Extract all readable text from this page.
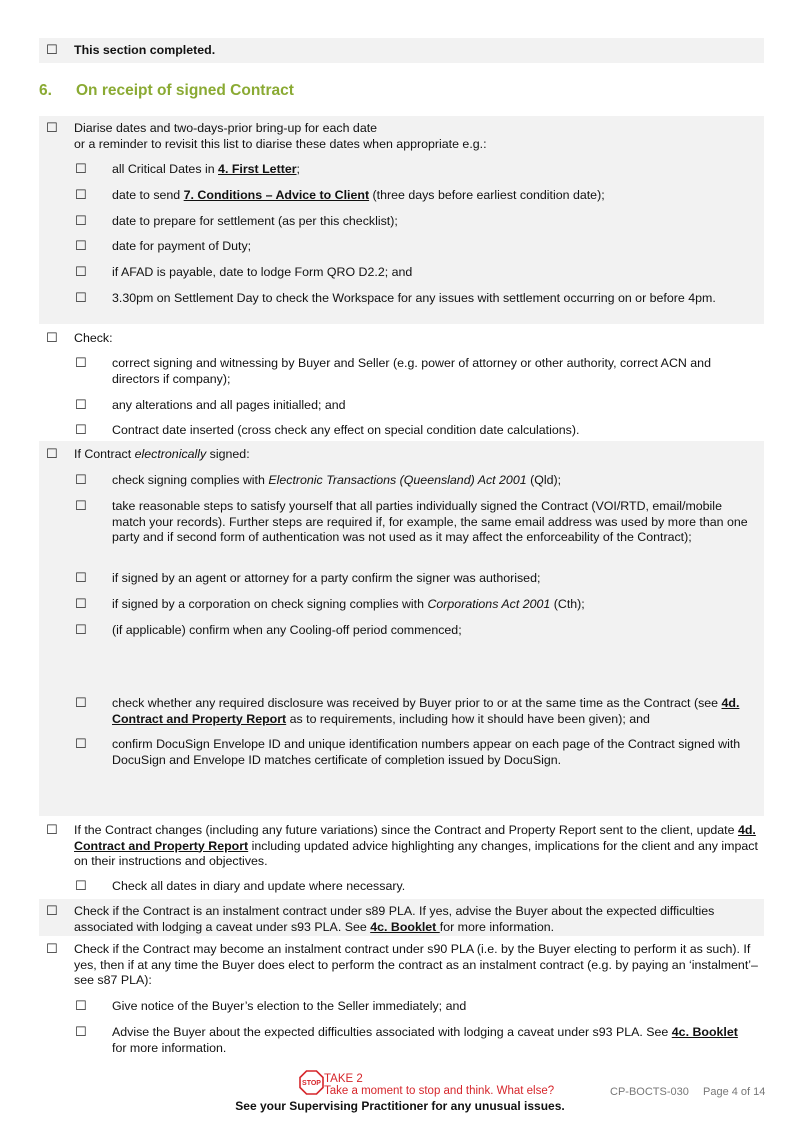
☐ This section completed.
6. On receipt of signed Contract
☐ Diarise dates and two-days-prior bring-up for each date
or a reminder to revisit this list to diarise these dates when appropriate e.g.:
☐ all Critical Dates in 4. First Letter;
☐ date to send 7. Conditions – Advice to Client (three days before earliest condition date);
☐ date to prepare for settlement (as per this checklist);
☐ date for payment of Duty;
☐ if AFAD is payable, date to lodge Form QRO D2.2; and
☐ 3.30pm on Settlement Day to check the Workspace for any issues with settlement occurring on or before 4pm.
☐ Check:
☐ correct signing and witnessing by Buyer and Seller (e.g. power of attorney or other authority, correct ACN and directors if company);
☐ any alterations and all pages initialled; and
☐ Contract date inserted (cross check any effect on special condition date calculations).
☐ If Contract electronically signed:
☐ check signing complies with Electronic Transactions (Queensland) Act 2001 (Qld);
☐ take reasonable steps to satisfy yourself that all parties individually signed the Contract (VOI/RTD, email/mobile match your records). Further steps are required if, for example, the same email address was used by more than one party and if second form of authentication was not used as it may affect the enforceability of the Contract);
☐ if signed by an agent or attorney for a party confirm the signer was authorised;
☐ if signed by a corporation on check signing complies with Corporations Act 2001 (Cth);
☐ (if applicable) confirm when any Cooling-off period commenced;
☐ check whether any required disclosure was received by Buyer prior to or at the same time as the Contract (see 4d. Contract and Property Report as to requirements, including how it should have been given); and
☐ confirm DocuSign Envelope ID and unique identification numbers appear on each page of the Contract signed with DocuSign and Envelope ID matches certificate of completion issued by DocuSign.
☐ If the Contract changes (including any future variations) since the Contract and Property Report sent to the client, update 4d. Contract and Property Report including updated advice highlighting any changes, implications for the client and any impact on their instructions and objectives.
☐ Check all dates in diary and update where necessary.
☐ Check if the Contract is an instalment contract under s89 PLA. If yes, advise the Buyer about the expected difficulties associated with lodging a caveat under s93 PLA. See 4c. Booklet for more information.
☐ Check if the Contract may become an instalment contract under s90 PLA (i.e. by the Buyer electing to perform it as such). If yes, then if at any time the Buyer does elect to perform the contract as an instalment contract (e.g. by paying an ‘instalment’– see s87 PLA):
☐ Give notice of the Buyer’s election to the Seller immediately; and
☐ Advise the Buyer about the expected difficulties associated with lodging a caveat under s93 PLA. See 4c. Booklet for more information.
STOP TAKE 2
Take a moment to stop and think. What else?	CP-BOCTS-030 Page 4 of 14
See your Supervising Practitioner for any unusual issues.
